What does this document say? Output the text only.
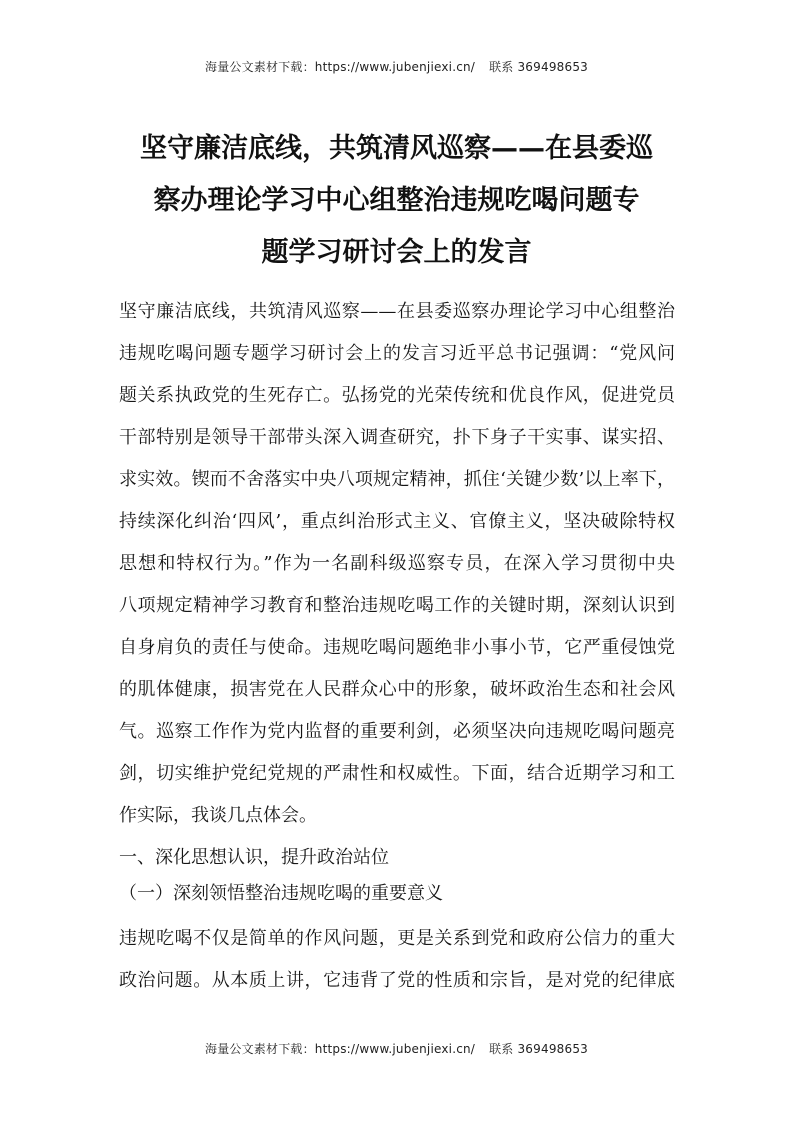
海量公文素材下载：https://www.jubenjiexi.cn/ 联系 369498653
坚守廉洁底线，共筑清风巡察——在县委巡
察办理论学习中心组整治违规吃喝问题专
题学习研讨会上的发言

坚守廉洁底线，共筑清风巡察——在县委巡察办理论学习中心组整治

违规吃喝问题专题学习研讨会上的发言习近平总书记强调：“党风问

题关系执政党的生死存亡。弘扬党的光荣传统和优良作风，促进党员

干部特别是领导干部带头深入调查研究，扑下身子干实事、谋实招、

求实效。锲而不舍落实中央八项规定精神，抓住‘关键少数’以上率下，

持续深化纠治‘四风’，重点纠治形式主义、官僚主义，坚决破除特权

思想和特权行为。”作为一名副科级巡察专员，在深入学习贯彻中央

八项规定精神学习教育和整治违规吃喝工作的关键时期，深刻认识到

自身肩负的责任与使命。违规吃喝问题绝非小事小节，它严重侵蚀党

的肌体健康，损害党在人民群众心中的形象，破坏政治生态和社会风

气。巡察工作作为党内监督的重要利剑，必须坚决向违规吃喝问题亮

剑，切实维护党纪党规的严肃性和权威性。下面，结合近期学习和工

作实际，我谈几点体会。

一、深化思想认识，提升政治站位

（一）深刻领悟整治违规吃喝的重要意义

违规吃喝不仅是简单的作风问题，更是关系到党和政府公信力的重大

政治问题。从本质上讲，它违背了党的性质和宗旨，是对党的纪律底

海量公文素材下载：https://www.jubenjiexi.cn/ 联系 369498653
